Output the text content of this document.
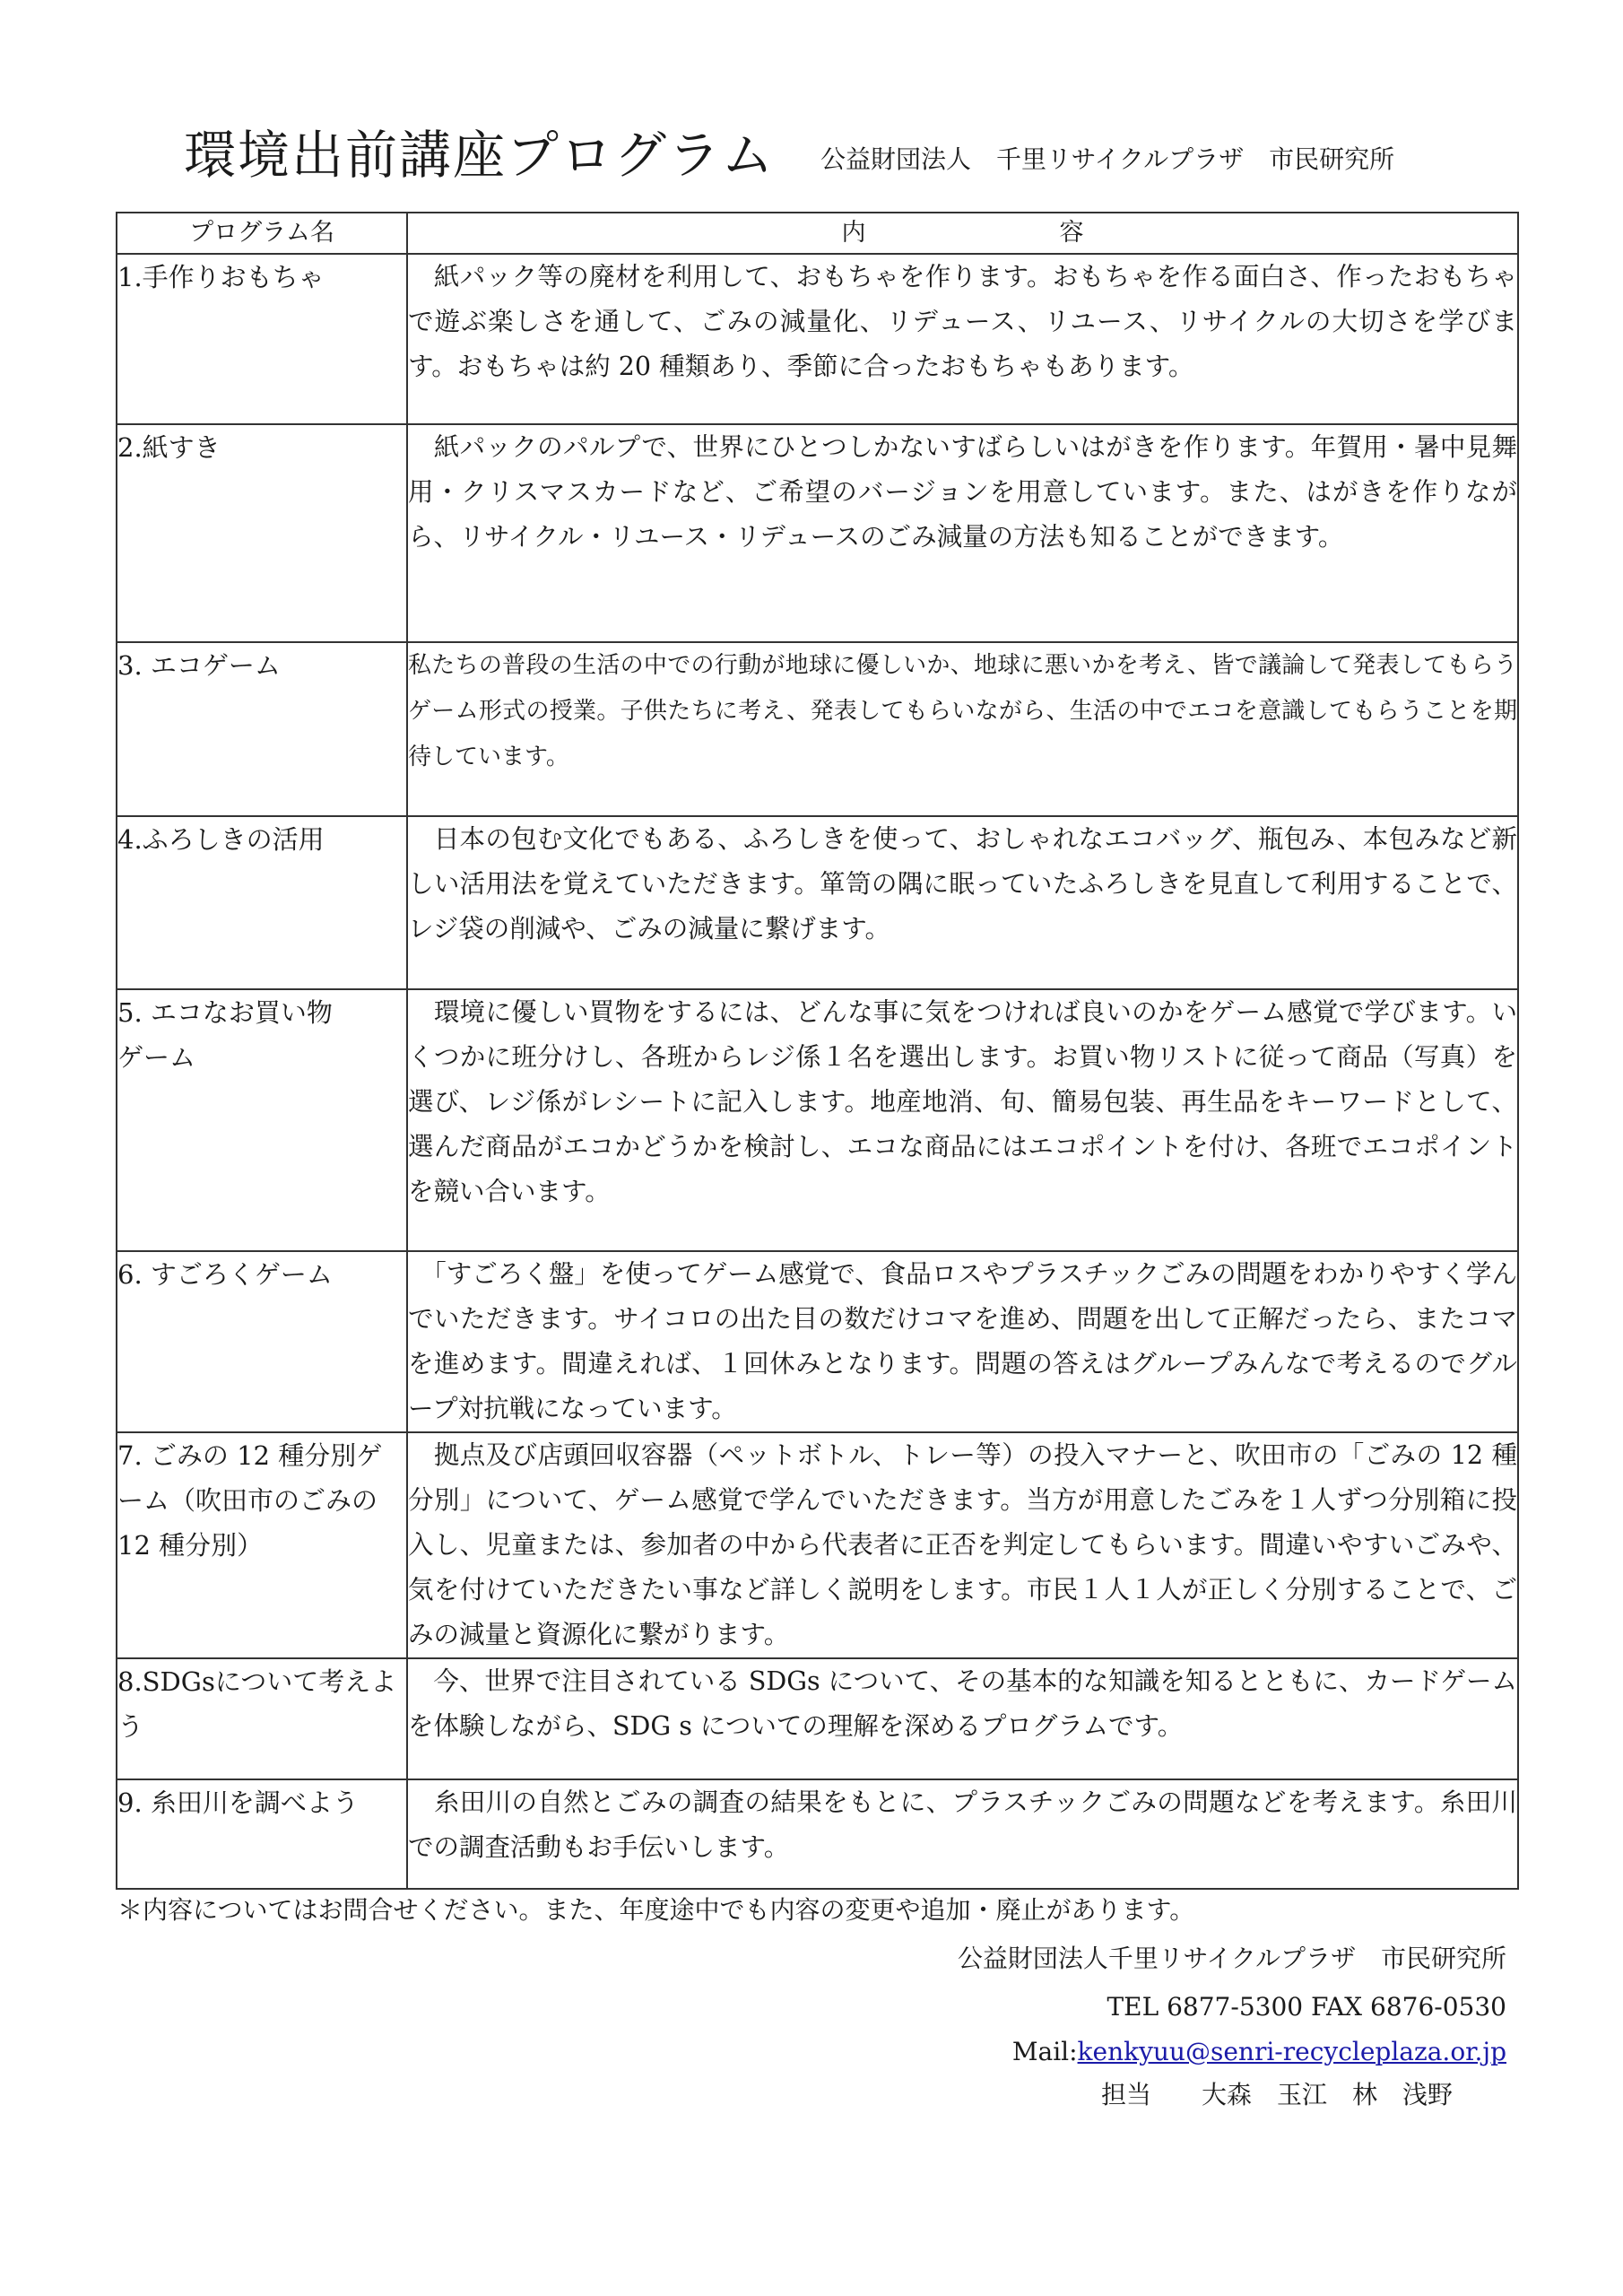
環境出前講座プログラム 公益財団法人　千里リサイクルプラザ　市民研究所
プログラム名	内　　　　　　　　容
1.手作りおもちゃ	　紙パック等の廃材を利用して、おもちゃを作ります。おもちゃを作る面白さ、作ったおもちゃで遊ぶ楽しさを通して、ごみの減量化、リデュース、リユース、リサイクルの大切さを学びます。おもちゃは約 20 種類あり、季節に合ったおもちゃもあります。
2.紙すき	　紙パックのパルプで、世界にひとつしかないすばらしいはがきを作ります。年賀用・暑中見舞用・クリスマスカードなど、ご希望のバージョンを用意しています。また、はがきを作りながら、リサイクル・リユース・リデュースのごみ減量の方法も知ることができます。
3. エコゲーム	私たちの普段の生活の中での行動が地球に優しいか、地球に悪いかを考え、皆で議論して発表してもらうゲーム形式の授業。子供たちに考え、発表してもらいながら、生活の中でエコを意識してもらうことを期待しています。
4.ふろしきの活用	　日本の包む文化でもある、ふろしきを使って、おしゃれなエコバッグ、瓶包み、本包みなど新しい活用法を覚えていただきます。箪笥の隅に眠っていたふろしきを見直して利用することで、レジ袋の削減や、ごみの減量に繋げます。
5. エコなお買い物ゲーム	　環境に優しい買物をするには、どんな事に気をつければ良いのかをゲーム感覚で学びます。いくつかに班分けし、各班からレジ係１名を選出します。お買い物リストに従って商品（写真）を選び、レジ係がレシートに記入します。地産地消、旬、簡易包装、再生品をキーワードとして、選んだ商品がエコかどうかを検討し、エコな商品にはエコポイントを付け、各班でエコポイントを競い合います。
6. すごろくゲーム	　「すごろく盤」を使ってゲーム感覚で、食品ロスやプラスチックごみの問題をわかりやすく学んでいただきます。サイコロの出た目の数だけコマを進め、問題を出して正解だったら、またコマを進めます。間違えれば、１回休みとなります。問題の答えはグループみんなで考えるのでグループ対抗戦になっています。
7. ごみの 12 種分別ゲーム（吹田市のごみの 12 種分別）	　拠点及び店頭回収容器（ペットボトル、トレー等）の投入マナーと、吹田市の「ごみの 12 種分別」について、ゲーム感覚で学んでいただきます。当方が用意したごみを１人ずつ分別箱に投入し、児童または、参加者の中から代表者に正否を判定してもらいます。間違いやすいごみや、気を付けていただきたい事など詳しく説明をします。市民１人１人が正しく分別することで、ごみの減量と資源化に繋がります。
8.SDGsについて考えよう	　今、世界で注目されている SDGs について、その基本的な知識を知るとともに、カードゲームを体験しながら、SDG s についての理解を深めるプログラムです。
9. 糸田川を調べよう	　糸田川の自然とごみの調査の結果をもとに、プラスチックごみの問題などを考えます。糸田川での調査活動もお手伝いします。
＊内容についてはお問合せください。また、年度途中でも内容の変更や追加・廃止があります。
公益財団法人千里リサイクルプラザ　市民研究所
TEL 6877-5300 FAX 6876-0530
Mail:kenkyuu@senri-recycleplaza.or.jp
担当　　大森　玉江　林　浅野
